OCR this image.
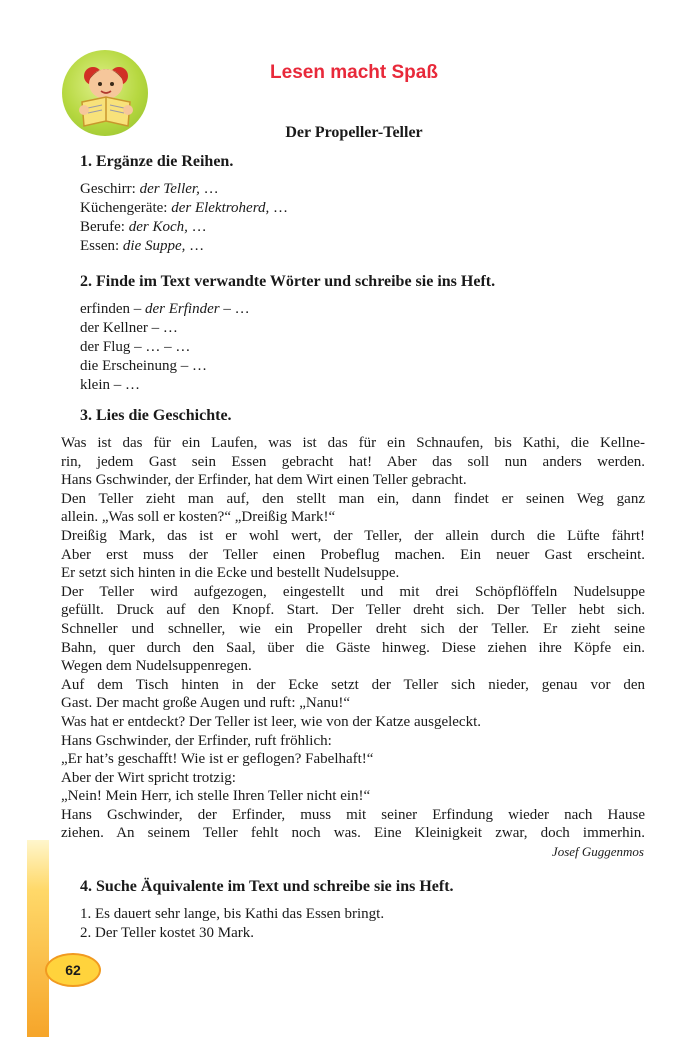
Lesen macht Spaß
Der Propeller-Teller
1. Ergänze die Reihen.
Geschirr: der Teller, …
Küchengeräte: der Elektroherd, …
Berufe: der Koch, …
Essen: die Suppe, …
2. Finde im Text verwandte Wörter und schreibe sie ins Heft.
erfinden – der Erfinder – …
der Kellner – …
der Flug – … – …
die Erscheinung – …
klein – …
3. Lies die Geschichte.
Was ist das für ein Laufen, was ist das für ein Schnaufen, bis Kathi, die Kellne-
rin, jedem Gast sein Essen gebracht hat! Aber das soll nun anders werden.
Hans Gschwinder, der Erfinder, hat dem Wirt einen Teller gebracht.
Den Teller zieht man auf, den stellt man ein, dann findet er seinen Weg ganz
allein. „Was soll er kosten?“ „Dreißig Mark!“
Dreißig Mark, das ist er wohl wert, der Teller, der allein durch die Lüfte fährt!
Aber erst muss der Teller einen Probeflug machen. Ein neuer Gast erscheint.
Er setzt sich hinten in die Ecke und bestellt Nudelsuppe.
Der Teller wird aufgezogen, eingestellt und mit drei Schöpflöffeln Nudelsuppe
gefüllt. Druck auf den Knopf. Start. Der Teller dreht sich. Der Teller hebt sich.
Schneller und schneller, wie ein Propeller dreht sich der Teller. Er zieht seine
Bahn, quer durch den Saal, über die Gäste hinweg. Diese ziehen ihre Köpfe ein.
Wegen dem Nudelsuppenregen.
Auf dem Tisch hinten in der Ecke setzt der Teller sich nieder, genau vor den
Gast. Der macht große Augen und ruft: „Nanu!“
Was hat er entdeckt? Der Teller ist leer, wie von der Katze ausgeleckt.
Hans Gschwinder, der Erfinder, ruft fröhlich:
„Er hat’s geschafft! Wie ist er geflogen? Fabelhaft!“
Aber der Wirt spricht trotzig:
„Nein! Mein Herr, ich stelle Ihren Teller nicht ein!“
Hans Gschwinder, der Erfinder, muss mit seiner Erfindung wieder nach Hause
ziehen. An seinem Teller fehlt noch was. Eine Kleinigkeit zwar, doch immerhin.
Josef Guggenmos
4. Suche Äquivalente im Text und schreibe sie ins Heft.
1. Es dauert sehr lange, bis Kathi das Essen bringt.
2. Der Teller kostet 30 Mark.
62
